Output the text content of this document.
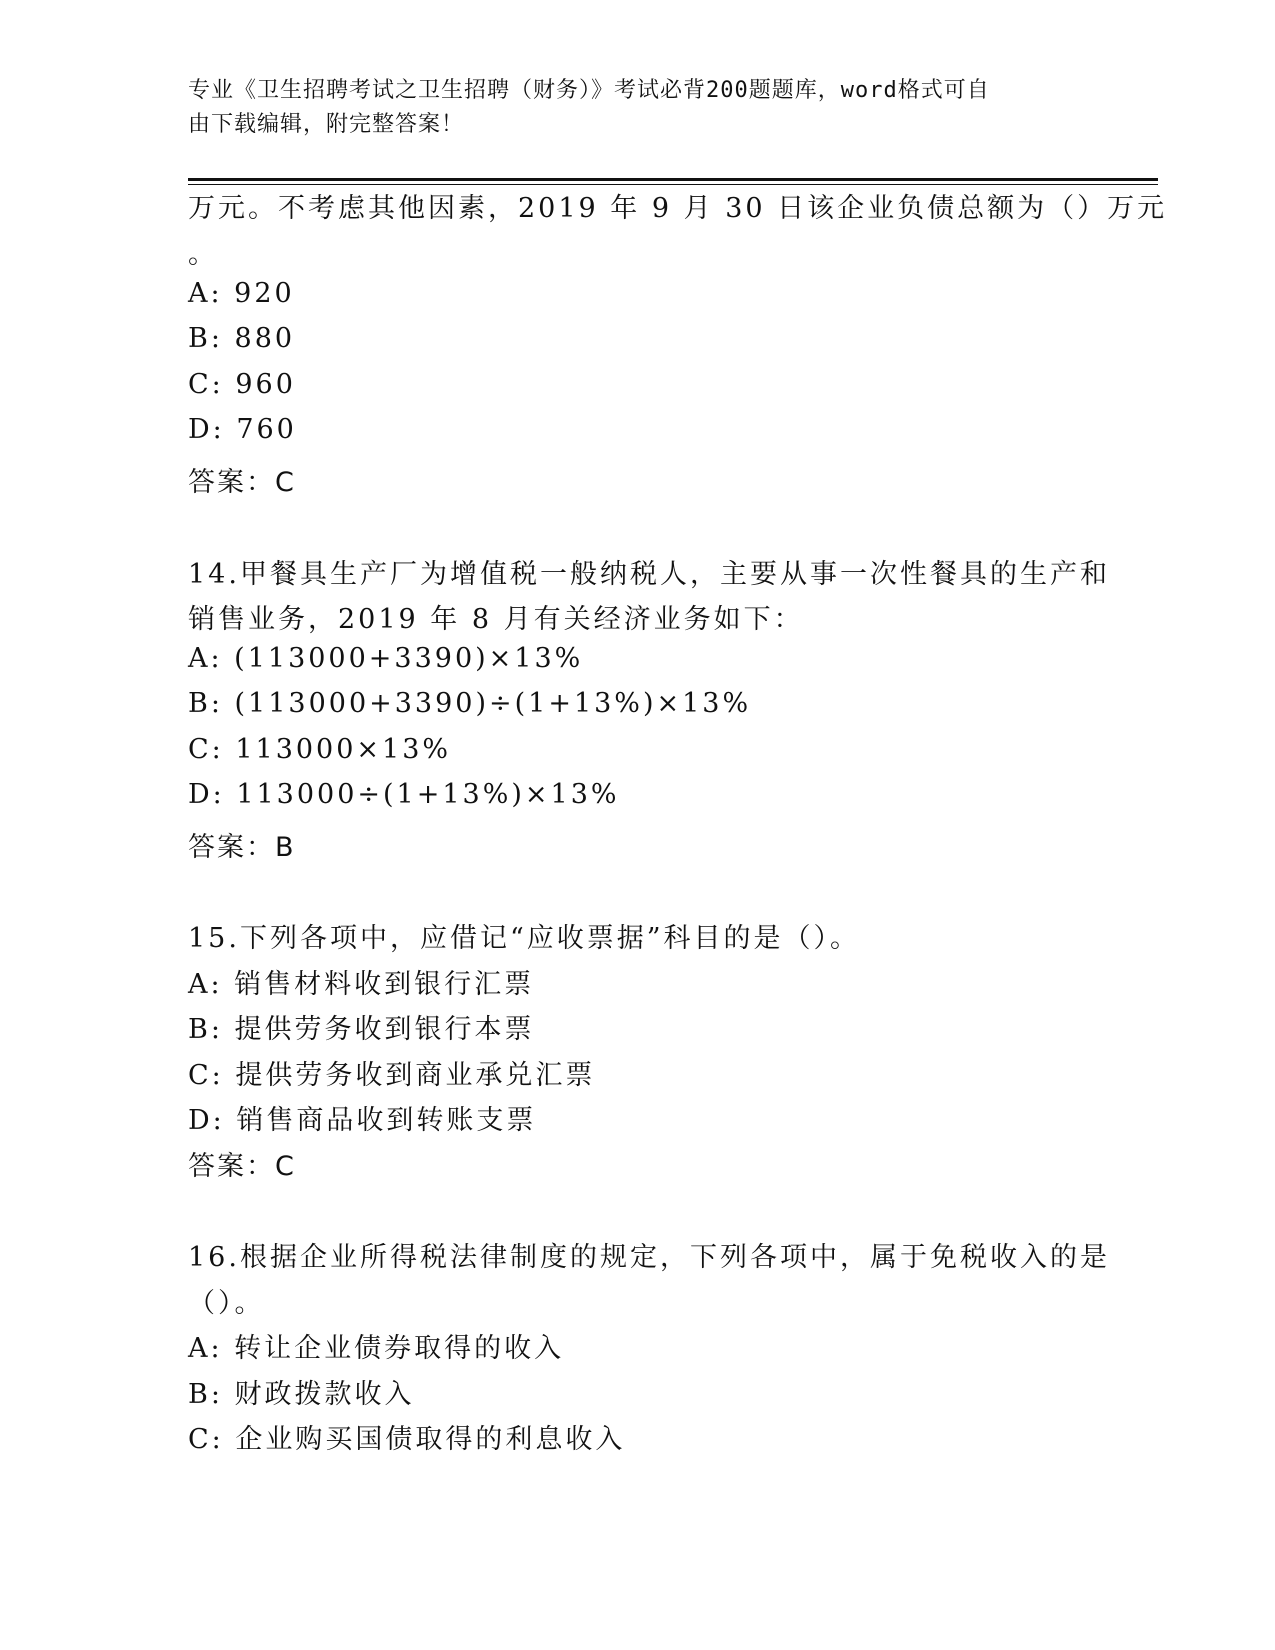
专业《卫生招聘考试之卫生招聘（财务）》考试必背200题题库，word格式可自
由下载编辑，附完整答案！
万元。不考虑其他因素，2019 年 9 月 30 日该企业负债总额为（）万元
。
A: 920
B: 880
C: 960
D: 760
答案：C
14.甲餐具生产厂为增值税一般纳税人，主要从事一次性餐具的生产和
销售业务，2019 年 8 月有关经济业务如下：
A: (113000+3390)×13%
B: (113000+3390)÷(1+13%)×13%
C: 113000×13%
D: 113000÷(1+13%)×13%
答案：B
15.下列各项中，应借记“应收票据”科目的是（）。
A: 销售材料收到银行汇票
B: 提供劳务收到银行本票
C: 提供劳务收到商业承兑汇票
D: 销售商品收到转账支票
答案：C
16.根据企业所得税法律制度的规定，下列各项中，属于免税收入的是
（）。
A: 转让企业债券取得的收入
B: 财政拨款收入
C: 企业购买国债取得的利息收入
